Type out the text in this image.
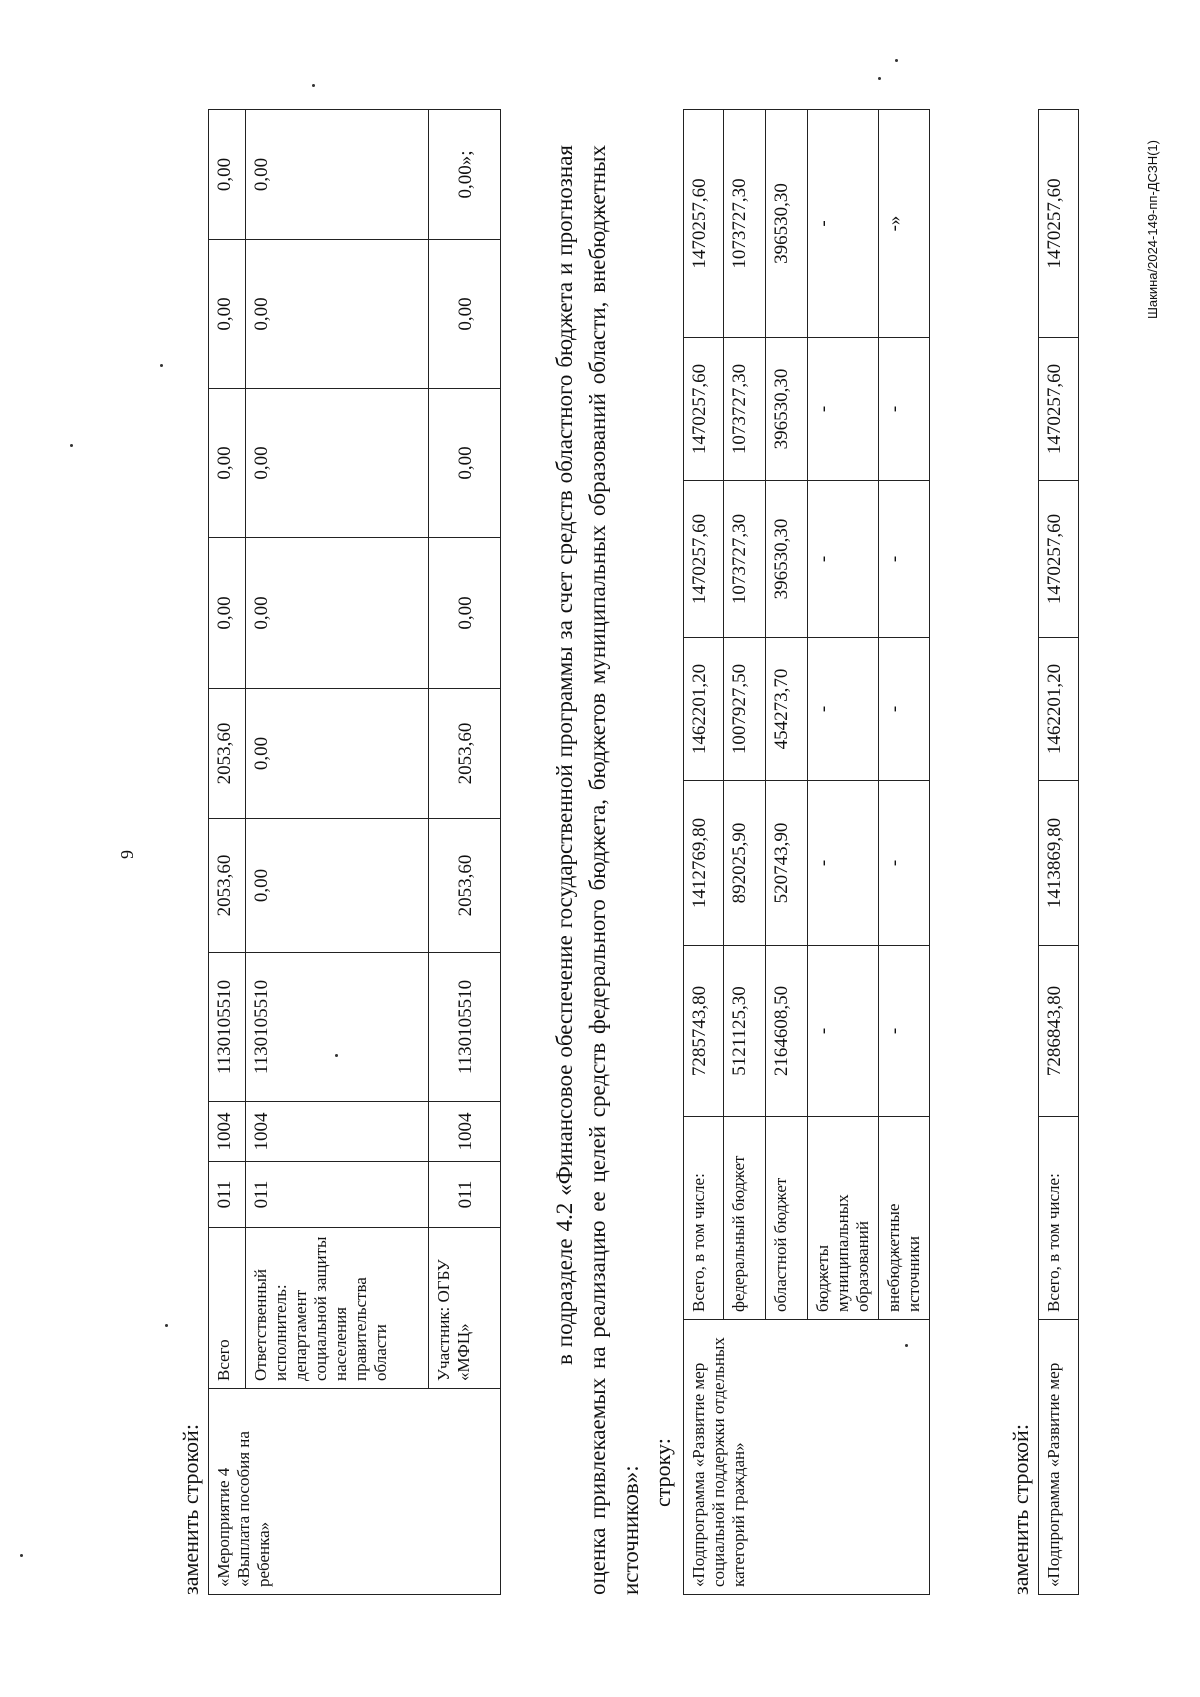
9
заменить строкой: «Мероприятие 4 «Выплата пособия на ребенка»	Всего	011	1004	1130105510	2053,60	2053,60	0,00	0,00	0,00	0,00
	Ответственный исполнитель: департамент социальной защиты населения правительства области	011	1004	1130105510	0,00	0,00	0,00	0,00	0,00	0,00
	Участник: ОГБУ «МФЦ»	011	1004	1130105510	2053,60	2053,60	0,00	0,00	0,00	0,00»;	в подразделе 4.2 «Финансовое обеспечение государственной программы за счет средств областного бюджета и прогнозная оценка привлекаемых на реализацию ее целей средств федерального бюджета, бюджетов муниципальных образований области, внебюджетных источников»: строку: «Подпрограмма «Развитие мер социальной поддержки отдельных категорий граждан»	Всего, в том числе:	7285743,80	1412769,80	1462201,20	1470257,60	1470257,60	1470257,60
	федеральный бюджет	5121125,30	892025,90	1007927,50	1073727,30	1073727,30	1073727,30
	областной бюджет	2164608,50	520743,90	454273,70	396530,30	396530,30	396530,30
	бюджеты муниципальных образований	-	-	-	-	-	-
	внебюджетные источники	-	-	-	-	-	-»
заменить строкой: «Подпрограмма «Развитие мер	Всего, в том числе:	7286843,80	1413869,80	1462201,20	1470257,60	1470257,60	1470257,60	Шакина/2024-149-пп-ДСЗН(1)
